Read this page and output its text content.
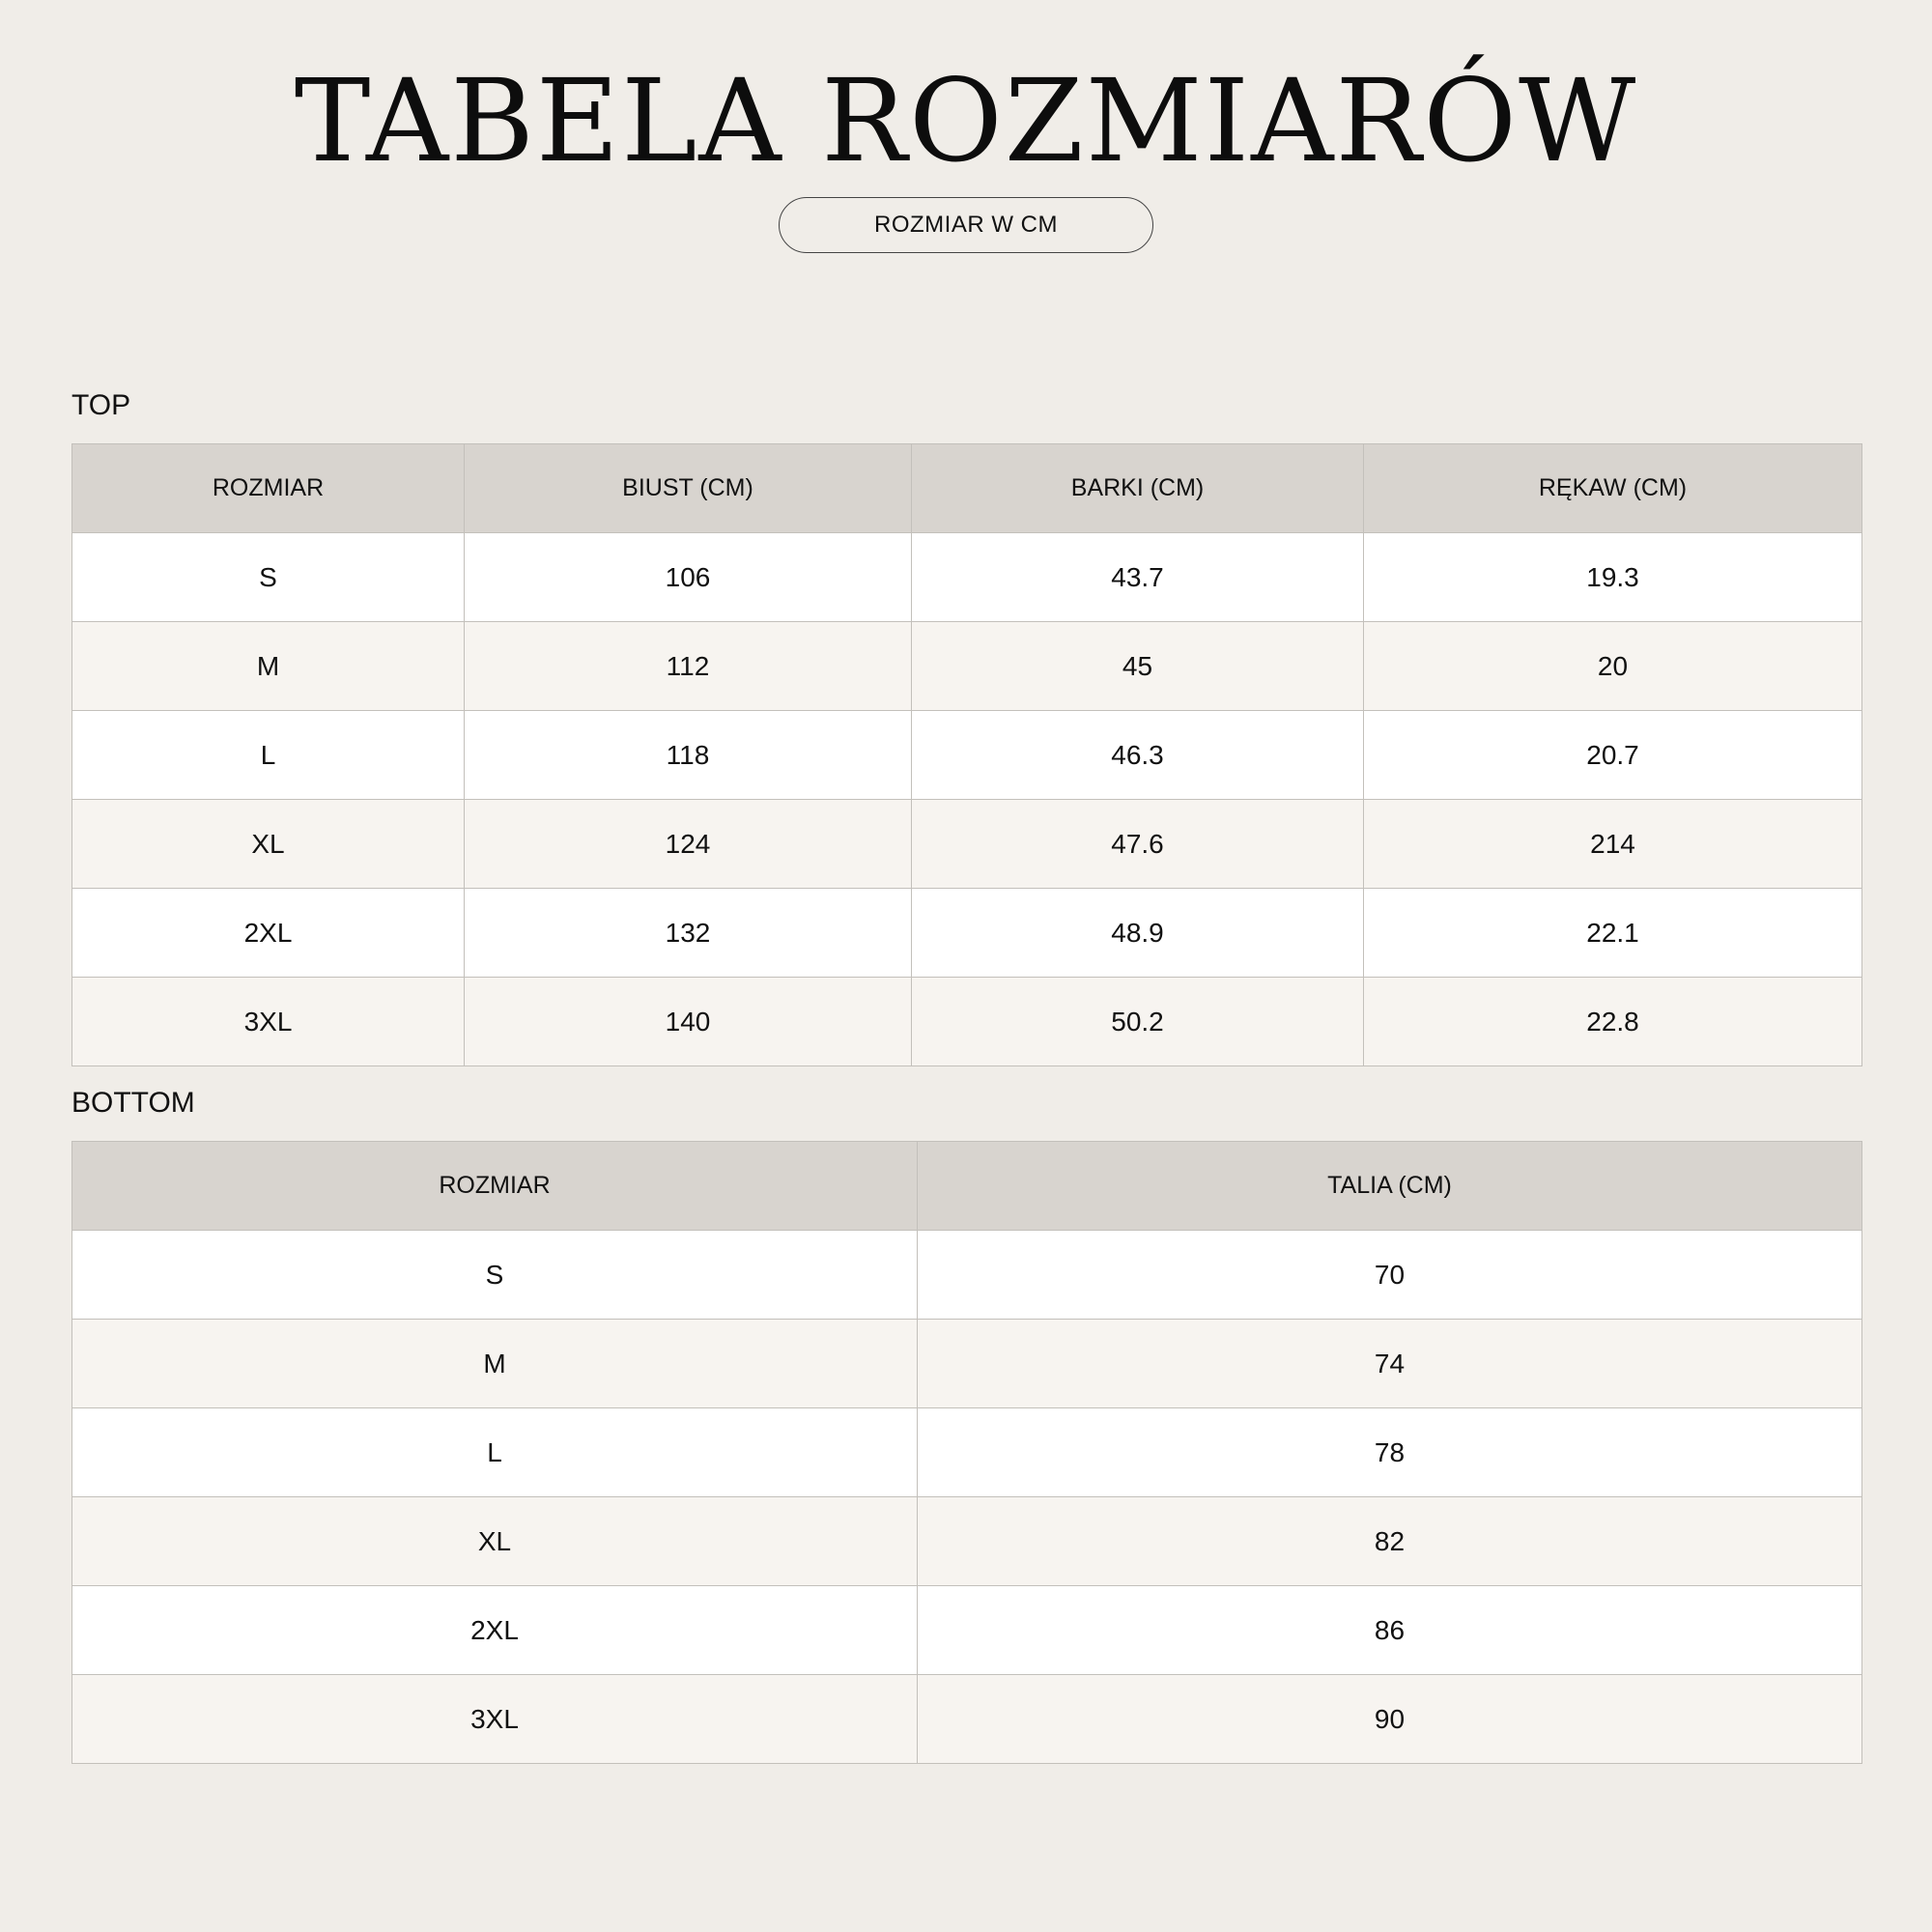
TABELA ROZMIARÓW
ROZMIAR W CM
TOP
ROZMIAR	BIUST (CM)	BARKI (CM)	RĘKAW (CM)
S	106	43.7	19.3
M	112	45	20
L	118	46.3	20.7
XL	124	47.6	214
2XL	132	48.9	22.1
3XL	140	50.2	22.8
BOTTOM
ROZMIAR	TALIA (CM)
S	70
M	74
L	78
XL	82
2XL	86
3XL	90
